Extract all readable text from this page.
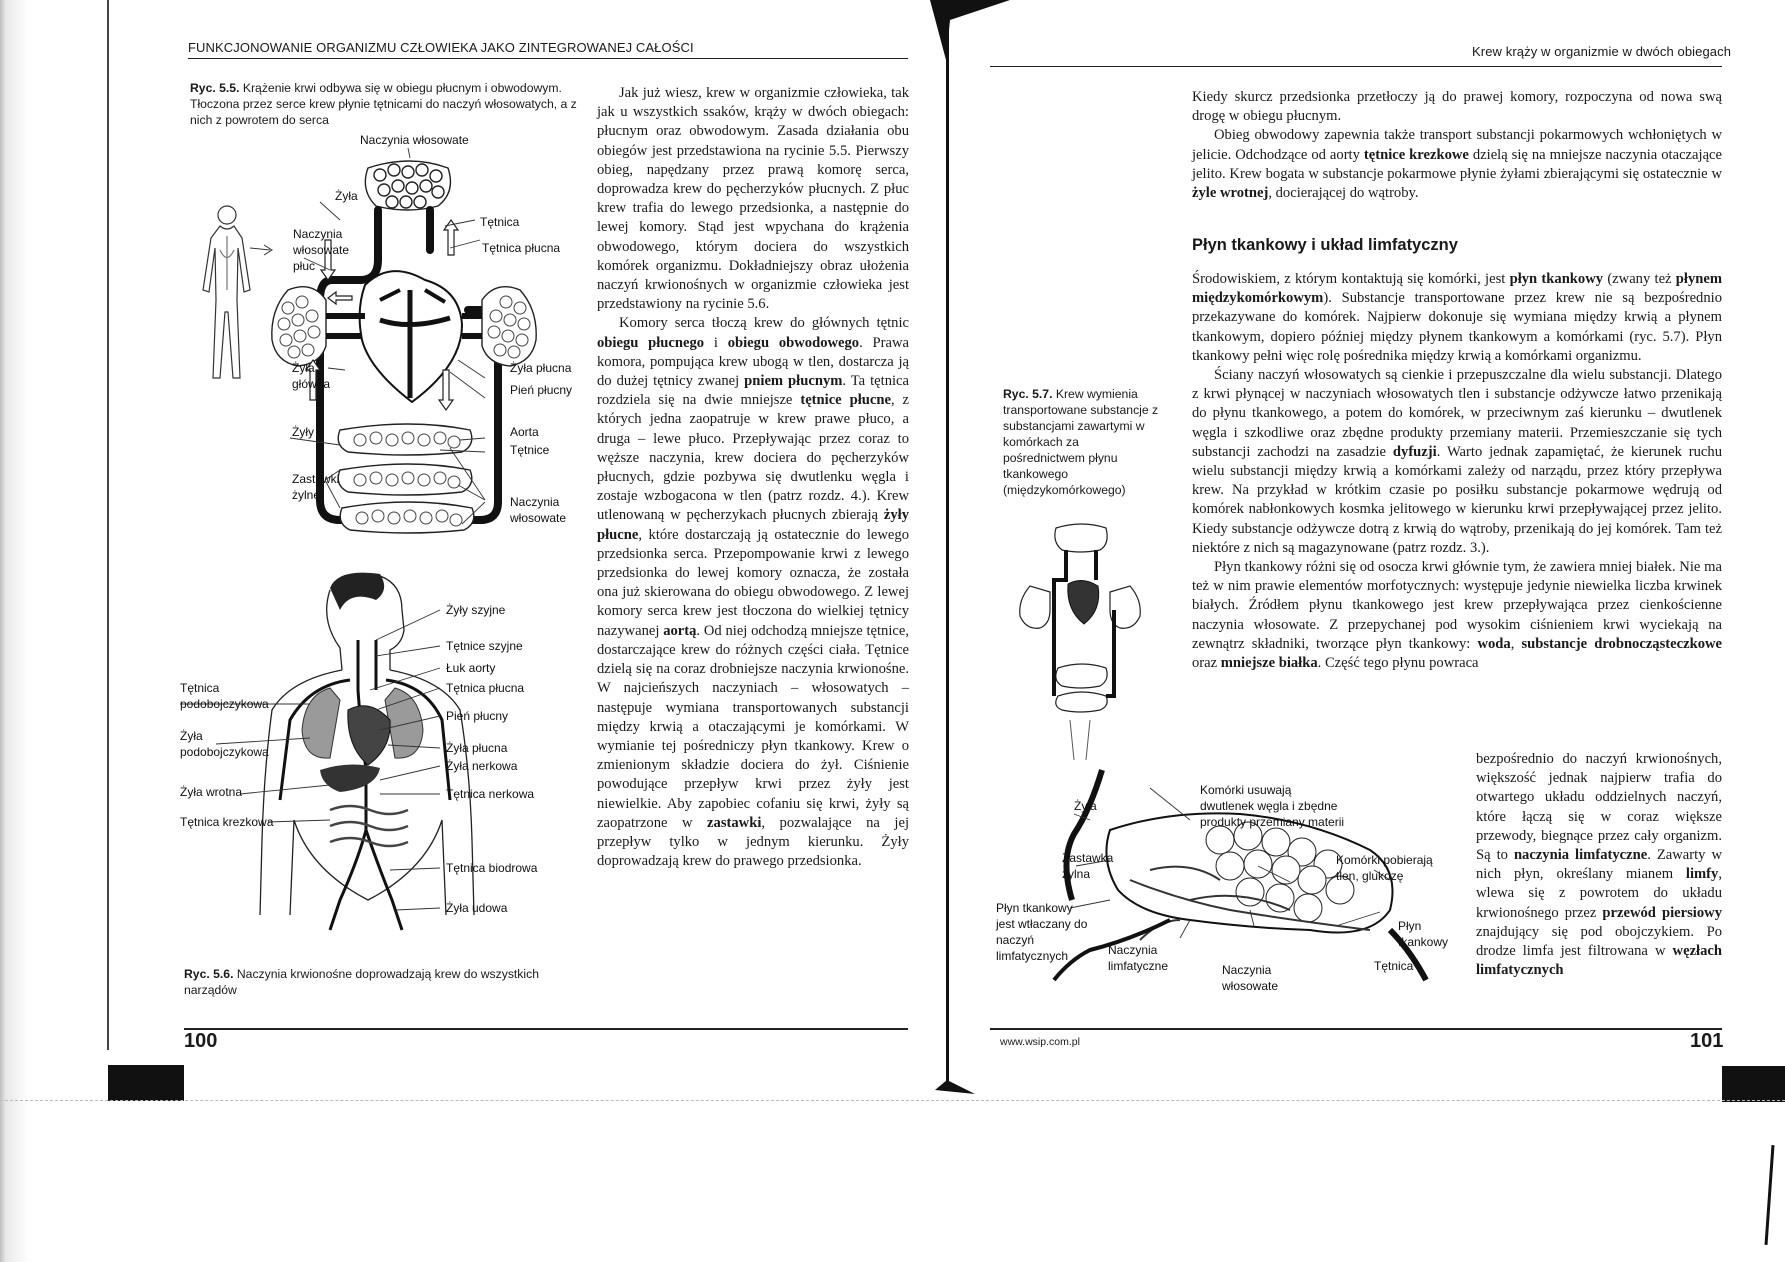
FUNKCJONOWANIE ORGANIZMU CZŁOWIEKA JAKO ZINTEGROWANEJ CAŁOŚCI
Ryc. 5.5. Krążenie krwi odbywa się w obiegu płucnym i obwodowym. Tłoczona przez serce krew płynie tętnicami do naczyń włosowatych, a z nich z powrotem do serca
Naczynia włosowate
Żyła
Tętnica
Naczynia
włosowate
płuc
Tętnica płucna
Żyła
główna
Żyła płucna
Pień płucny
Żyły	Aorta
Tętnice
Zastawki
żylne	Naczynia
włosowate
Żyły szyjne
Tętnice szyjne
Łuk aorty
Tętnica płucna
Pień płucny
Żyła płucna
Żyła nerkowa
Tętnica nerkowa
Tętnica biodrowa
Żyła udowa
Tętnica
podobojczykowa
Żyła
podobojczykowa
Żyła wrotna
Tętnica krezkowa
Ryc. 5.6. Naczynia krwionośne doprowadzają krew do wszystkich narządów

Jak już wiesz, krew w organizmie człowieka, tak jak u wszystkich ssaków, krąży w dwóch obiegach: płucnym oraz obwodowym. Zasada działania obu obiegów jest przedstawiona na rycinie 5.5. Pierwszy obieg, napędzany przez prawą komorę serca, doprowadza krew do pęcherzyków płucnych. Z płuc krew trafia do lewego przedsionka, a następnie do lewej komory. Stąd jest wpychana do krążenia obwodowego, którym dociera do wszystkich komórek organizmu. Dokładniejszy obraz ułożenia naczyń krwionośnych w organizmie człowieka jest przedstawiony na rycinie 5.6.

Komory serca tłoczą krew do głównych tętnic obiegu płucnego i obiegu obwodowego. Prawa komora, pompująca krew ubogą w tlen, dostarcza ją do dużej tętnicy zwanej pniem płucnym. Ta tętnica rozdziela się na dwie mniejsze tętnice płucne, z których jedna zaopatruje w krew prawe płuco, a druga – lewe płuco. Przepływając przez coraz to węższe naczynia, krew dociera do pęcherzyków płucnych, gdzie pozbywa się dwutlenku węgla i zostaje wzbogacona w tlen (patrz rozdz. 4.). Krew utlenowaną w pęcherzykach płucnych zbierają żyły płucne, które dostarczają ją ostatecznie do lewego przedsionka serca. Przepompowanie krwi z lewego przedsionka do lewej komory oznacza, że została ona już skierowana do obiegu obwodowego. Z lewej komory serca krew jest tłoczona do wielkiej tętnicy nazywanej aortą. Od niej odchodzą mniejsze tętnice, dostarczające krew do różnych części ciała. Tętnice dzielą się na coraz drobniejsze naczynia krwionośne. W najcieńszych naczyniach – włosowatych – następuje wymiana transportowanych substancji między krwią a otaczającymi je komórkami. W wymianie tej pośredniczy płyn tkankowy. Krew o zmienionym składzie dociera do żył. Ciśnienie powodujące przepływ krwi przez żyły jest niewielkie. Aby zapobiec cofaniu się krwi, żyły są zaopatrzone w zastawki, pozwalające na jej przepływ tylko w jednym kierunku. Żyły doprowadzają krew do prawego przedsionka.

100
Krew krąży w organizmie w dwóch obiegach

Kiedy skurcz przedsionka przetłoczy ją do prawej komory, rozpoczyna od nowa swą drogę w obiegu płucnym.

Obieg obwodowy zapewnia także transport substancji pokarmowych wchłoniętych w jelicie. Odchodzące od aorty tętnice krezkowe dzielą się na mniejsze naczynia otaczające jelito. Krew bogata w substancje pokarmowe płynie żyłami zbierającymi się ostatecznie w żyle wrotnej, docierającej do wątroby.

Płyn tkankowy i układ limfatyczny

Środowiskiem, z którym kontaktują się komórki, jest płyn tkankowy (zwany też płynem międzykomórkowym). Substancje transportowane przez krew nie są bezpośrednio przekazywane do komórek. Najpierw dokonuje się wymiana między krwią a płynem tkankowym, dopiero później między płynem tkankowym a komórkami (ryc. 5.7). Płyn tkankowy pełni więc rolę pośrednika między krwią a komórkami organizmu.

Ściany naczyń włosowatych są cienkie i przepuszczalne dla wielu substancji. Dlatego z krwi płynącej w naczyniach włosowatych tlen i substancje odżywcze łatwo przenikają do płynu tkankowego, a potem do komórek, w przeciwnym zaś kierunku – dwutlenek węgla i szkodliwe oraz zbędne produkty przemiany materii. Przemieszczanie się tych substancji zachodzi na zasadzie dyfuzji. Warto jednak zapamiętać, że kierunek ruchu wielu substancji między krwią a komórkami zależy od narządu, przez który przepływa krew. Na przykład w krótkim czasie po posiłku substancje pokarmowe wędrują od komórek nabłonkowych kosmka jelitowego w kierunku krwi przepływającej przez jelito. Kiedy substancje odżywcze dotrą z krwią do wątroby, przenikają do jej komórek. Tam też niektóre z nich są magazynowane (patrz rozdz. 3.).

Płyn tkankowy różni się od osocza krwi głównie tym, że zawiera mniej białek. Nie ma też w nim prawie elementów morfotycznych: występuje jedynie niewielka liczba krwinek białych. Źródłem płynu tkankowego jest krew przepływająca przez cienkościenne naczynia włosowate. Z przepychanej pod wysokim ciśnieniem krwi wyciekają na zewnątrz składniki, tworzące płyn tkankowy: woda, substancje drobnocząsteczkowe oraz mniejsze białka. Część tego płynu powraca

bezpośrednio do naczyń krwionośnych, większość jednak najpierw trafia do otwartego układu oddzielnych naczyń, które łączą się w coraz większe przewody, biegnące przez cały organizm. Są to naczynia limfatyczne. Zawarty w nich płyn, określany mianem limfy, wlewa się z powrotem do układu krwionośnego przez przewód piersiowy znajdujący się pod obojczykiem. Po drodze limfa jest filtrowana w węzłach limfatycznych

Ryc. 5.7. Krew wymienia transportowane substancje z substancjami zawartymi w komórkach za pośrednictwem płynu tkankowego (międzykomórkowego)
Żyła
Zastawka
żylna
Płyn tkankowy
jest wtłaczany do
naczyń
limfatycznych	Naczynia
limfatyczne	Naczynia
włosowate
Komórki usuwają
dwutlenek węgla i zbędne
produkty przemiany materii
Komórki pobierają
tlen, glukozę
Płyn
tkankowy
Tętnica
www.wsip.com.pl	101
